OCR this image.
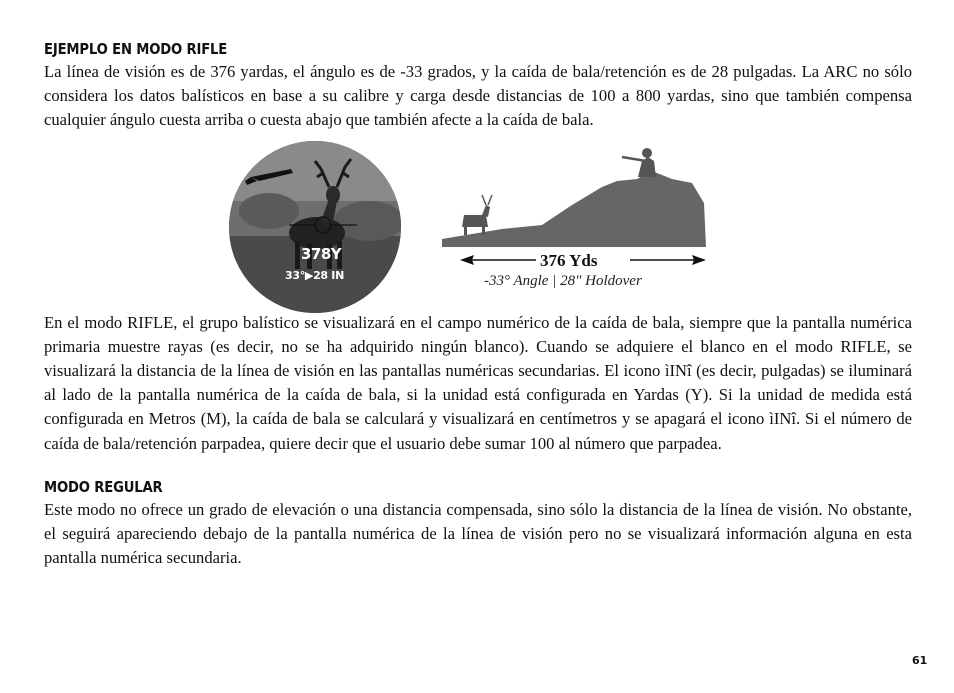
EJEMPLO EN MODO RIFLE

La línea de visión es de 376 yardas, el ángulo es de -33 grados, y la caída de bala/retención es de 28 pulgadas. La ARC no sólo considera los datos balísticos en base a su calibre y carga desde distancias de 100 a 800 yardas, sino que también compensa cualquier ángulo cuesta arriba o cuesta abajo que también afecte a la caída de bala.

378Y
33°▶28 IN
376 Yds
-33° Angle | 28" Holdover

En el modo RIFLE, el grupo balístico se visualizará en el campo numérico de la caída de bala, siempre que la pantalla numérica primaria muestre rayas (es decir, no se ha adquirido ningún blanco). Cuando se adquiere el blanco en el modo RIFLE, se visualizará la distancia de la línea de visión en las pantallas numéricas secundarias. El icono ìINî (es decir, pulgadas) se iluminará al lado de la pantalla numérica de la caída de bala, si la unidad está configurada en Yardas (Y). Si la unidad de medida está configurada en Metros (M), la caída de bala se calculará y visualizará en centímetros y se apagará el icono ìINî. Si el número de caída de bala/retención parpadea, quiere decir que el usuario debe sumar 100 al número que parpadea.

MODO REGULAR

Este modo no ofrece un grado de elevación o una distancia compensada, sino sólo la distancia de la línea de visión. No obstante, el seguirá apareciendo debajo de la pantalla numérica de la línea de visión pero no se visualizará información alguna en esta pantalla numérica secundaria.

61
